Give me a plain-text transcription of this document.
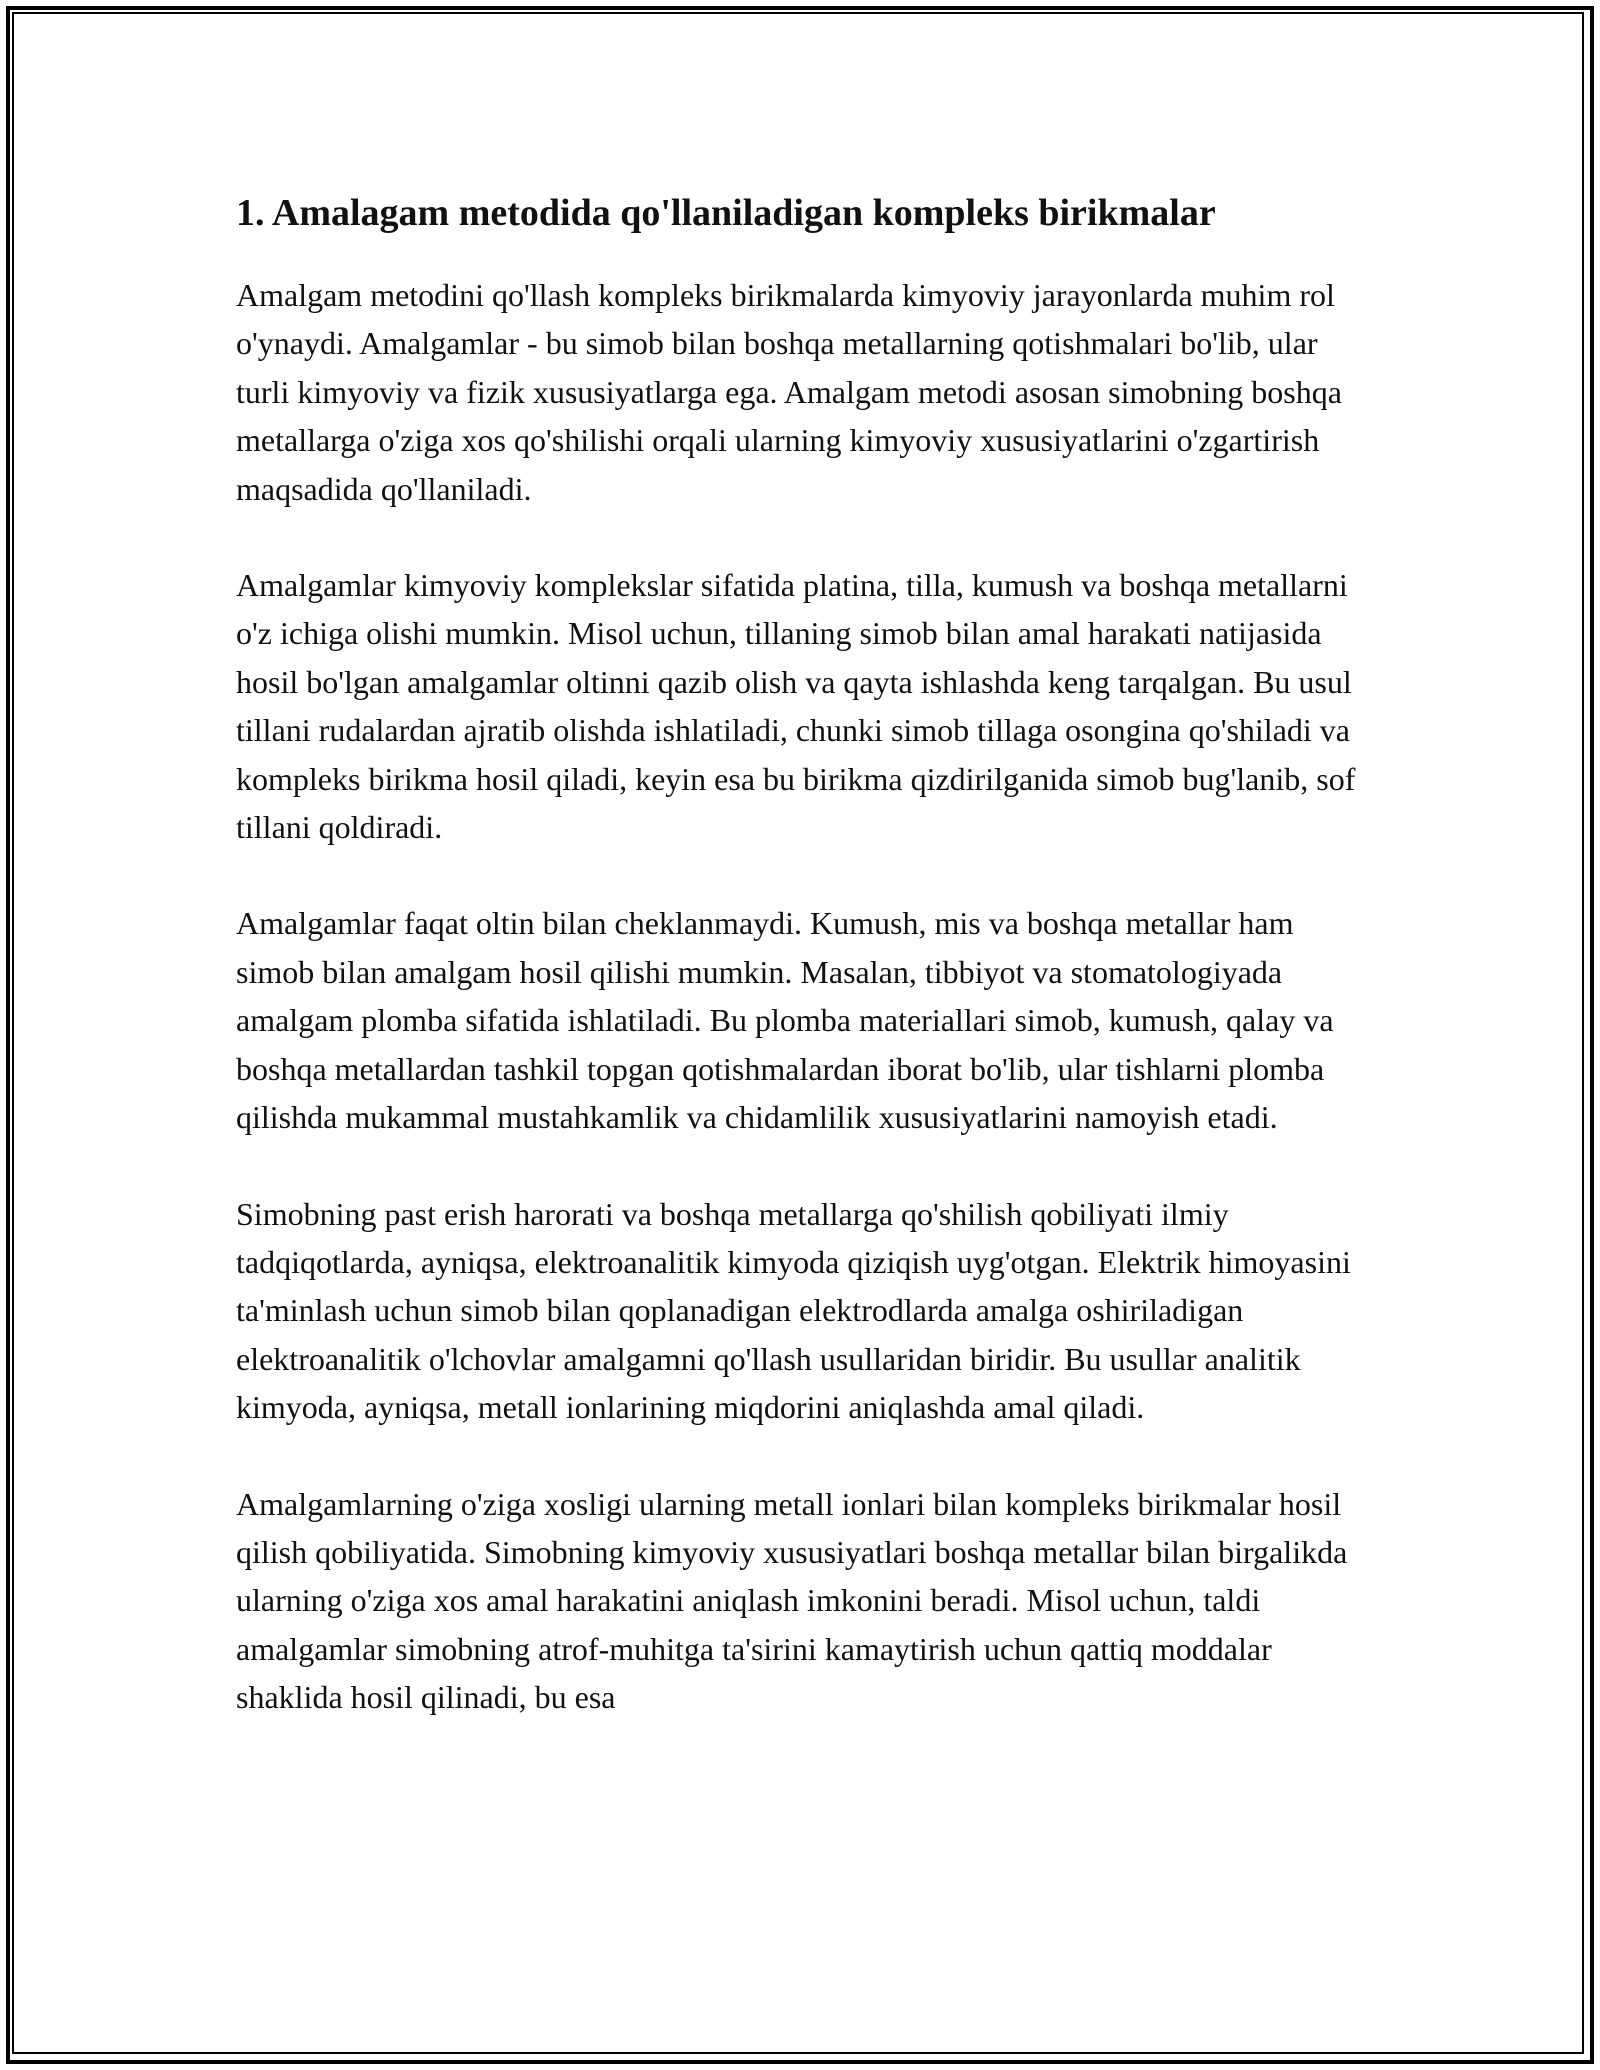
1. Amalagam metodida qo'llaniladigan kompleks birikmalar

Amalgam metodini qo'llash kompleks birikmalarda kimyoviy jarayonlarda muhim rol o'ynaydi. Amalgamlar - bu simob bilan boshqa metallarning qotishmalari bo'lib, ular turli kimyoviy va fizik xususiyatlarga ega. Amalgam metodi asosan simobning boshqa metallarga o'ziga xos qo'shilishi orqali ularning kimyoviy xususiyatlarini o'zgartirish maqsadida qo'llaniladi.

Amalgamlar kimyoviy komplekslar sifatida platina, tilla, kumush va boshqa metallarni o'z ichiga olishi mumkin. Misol uchun, tillaning simob bilan amal harakati natijasida hosil bo'lgan amalgamlar oltinni qazib olish va qayta ishlashda keng tarqalgan. Bu usul tillani rudalardan ajratib olishda ishlatiladi, chunki simob tillaga osongina qo'shiladi va kompleks birikma hosil qiladi, keyin esa bu birikma qizdirilganida simob bug'lanib, sof tillani qoldiradi.

Amalgamlar faqat oltin bilan cheklanmaydi. Kumush, mis va boshqa metallar ham simob bilan amalgam hosil qilishi mumkin. Masalan, tibbiyot va stomatologiyada amalgam plomba sifatida ishlatiladi. Bu plomba materiallari simob, kumush, qalay va boshqa metallardan tashkil topgan qotishmalardan iborat bo'lib, ular tishlarni plomba qilishda mukammal mustahkamlik va chidamlilik xususiyatlarini namoyish etadi.

Simobning past erish harorati va boshqa metallarga qo'shilish qobiliyati ilmiy tadqiqotlarda, ayniqsa, elektroanalitik kimyoda qiziqish uyg'otgan. Elektrik himoyasini ta'minlash uchun simob bilan qoplanadigan elektrodlarda amalga oshiriladigan elektroanalitik o'lchovlar amalgamni qo'llash usullaridan biridir. Bu usullar analitik kimyoda, ayniqsa, metall ionlarining miqdorini aniqlashda amal qiladi.

Amalgamlarning o'ziga xosligi ularning metall ionlari bilan kompleks birikmalar hosil qilish qobiliyatida. Simobning kimyoviy xususiyatlari boshqa metallar bilan birgalikda ularning o'ziga xos amal harakatini aniqlash imkonini beradi. Misol uchun, taldi amalgamlar simobning atrof-muhitga ta'sirini kamaytirish uchun qattiq moddalar shaklida hosil qilinadi, bu esa
